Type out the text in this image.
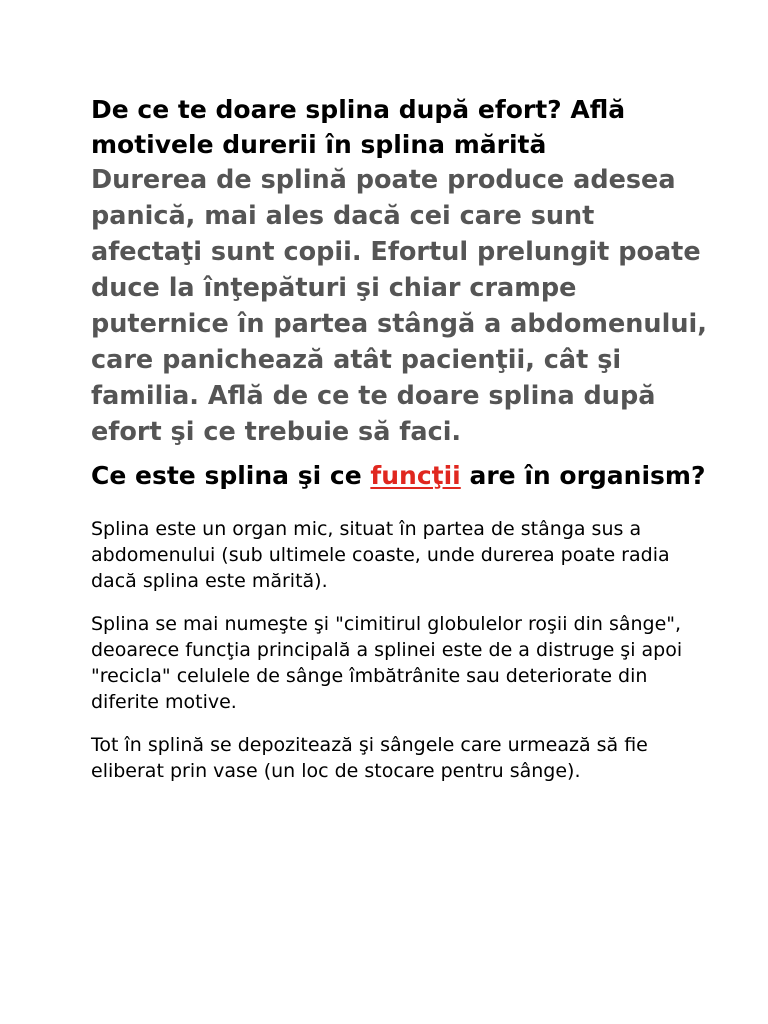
De ce te doare splina după efort? Află motivele durerii în splina mărită

Durerea de splină poate produce adesea panică, mai ales dacă cei care sunt afectaţi sunt copii. Efortul prelungit poate duce la înţepături şi chiar crampe puternice în partea stângă a abdomenului, care panichează atât pacienţii, cât şi familia. Află de ce te doare splina după efort şi ce trebuie să faci.

Ce este splina şi ce funcţii are în organism?

Splina este un organ mic, situat în partea de stânga sus a abdomenului (sub ultimele coaste, unde durerea poate radia dacă splina este mărită).

Splina se mai numeşte şi "cimitirul globulelor roşii din sânge", deoarece funcţia principală a splinei este de a distruge şi apoi "recicla" celulele de sânge îmbătrânite sau deteriorate din diferite motive.

Tot în splină se depozitează şi sângele care urmează să fie eliberat prin vase (un loc de stocare pentru sânge).
